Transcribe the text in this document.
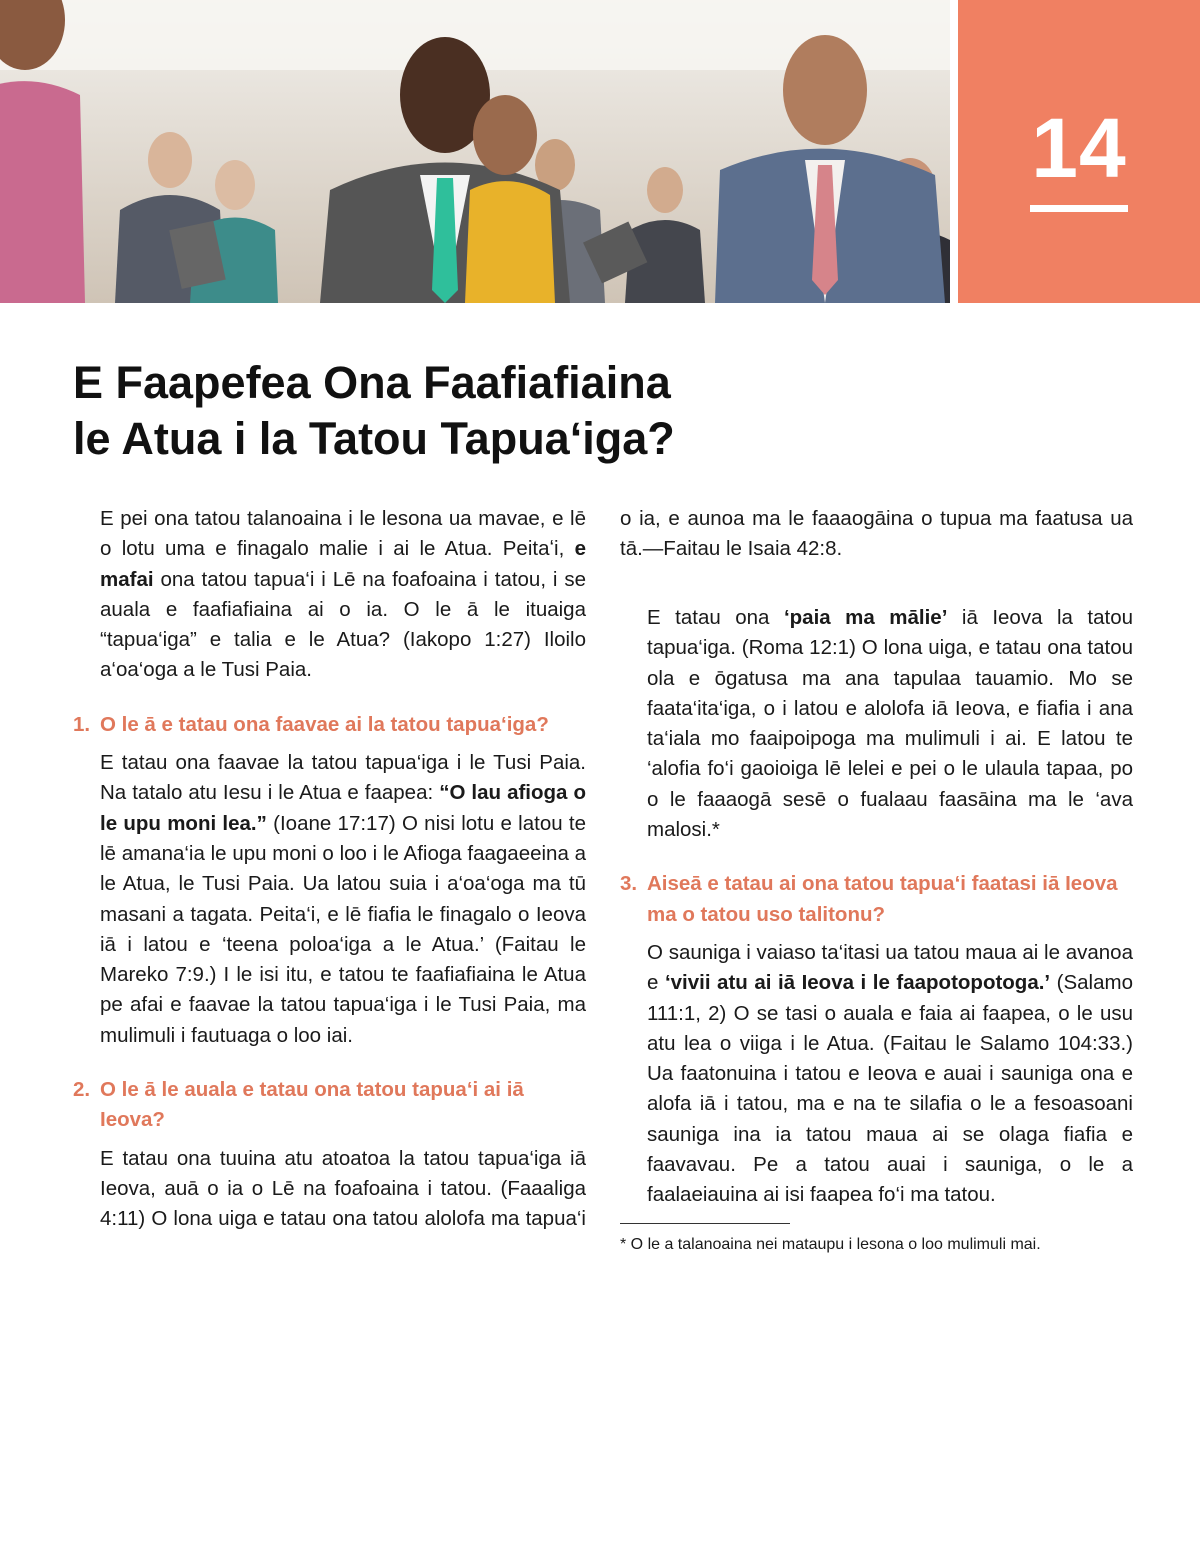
14
E Faapefea Ona Faafiafiaina
le Atua i la Tatou Tapua‘iga?

E pei ona tatou talanoaina i le lesona ua mavae, e lē o lotu uma e finagalo malie i ai le Atua. Peitaʻi, e mafai ona tatou tapua‘i i Lē na foafoaina i tatou, i se auala e faafiafiaina ai o ia. O le ā le ituaiga “tapua‘iga” e talia e le Atua? (Iakopo 1:27) Iloilo a‘oa‘oga a le Tusi Paia.

1. O le ā e tatau ona faavae ai la tatou tapua‘iga?

E tatau ona faavae la tatou tapua‘iga i le Tusi Paia. Na tatalo atu Iesu i le Atua e faapea: “O lau afioga o le upu moni lea.” (Ioane 17:17) O nisi lotu e latou te lē amana‘ia le upu moni o loo i le Afioga faagaeeina a le Atua, le Tusi Paia. Ua latou suia i a‘oa‘oga ma tū masani a tagata. Peita‘i, e lē fiafia le finagalo o Ieova iā i latou e ‘teena poloa‘iga a le Atua.’ (Faitau le Mareko 7:9.) I le isi itu, e tatou te faafiafiaina le Atua pe afai e faavae la tatou tapua‘iga i le Tusi Paia, ma mulimuli i fautuaga o loo iai.

2. O le ā le auala e tatau ona tatou tapua‘i ai iā Ieova?

E tatau ona tuuina atu atoatoa la tatou tapua‘iga iā Ieova, auā o ia o Lē na foafoaina i tatou. (Faaaliga 4:11) O lona uiga e tatau ona tatou alolofa ma tapua‘i

o ia, e aunoa ma le faaaogāina o tupua ma faatusa ua tā.—Faitau le Isaia 42:8.

E tatau ona ‘paia ma mālie’ iā Ieova la tatou tapua‘iga. (Roma 12:1) O lona uiga, e tatau ona tatou ola e ōgatusa ma ana tapulaa tauamio. Mo se faata‘ita‘iga, o i latou e alolofa iā Ieova, e fiafia i ana ta‘iala mo faaipoipoga ma mulimuli i ai. E latou te ‘alofia fo‘i gaoioiga lē lelei e pei o le ulaula tapaa, po o le faaaogā sesē o fualaau faasāina ma le ‘ava malosi.*

3. Aiseā e tatau ai ona tatou tapua‘i faatasi iā Ieova ma o tatou uso talitonu?

O sauniga i vaiaso ta‘itasi ua tatou maua ai le avanoa e ‘vivii atu ai iā Ieova i le faapotopotoga.’ (Salamo 111:1, 2) O se tasi o auala e faia ai faapea, o le usu atu lea o viiga i le Atua. (Faitau le Salamo 104:33.) Ua faatonuina i tatou e Ieova e auai i sauniga ona e alofa iā i tatou, ma e na te silafia o le a fesoasoani sauniga ina ia tatou maua ai se olaga fiafia e faavavau. Pe a tatou auai i sauniga, o le a faalaeiauina ai isi faapea fo‘i ma tatou.

* O le a talanoaina nei mataupu i lesona o loo mulimuli mai.
